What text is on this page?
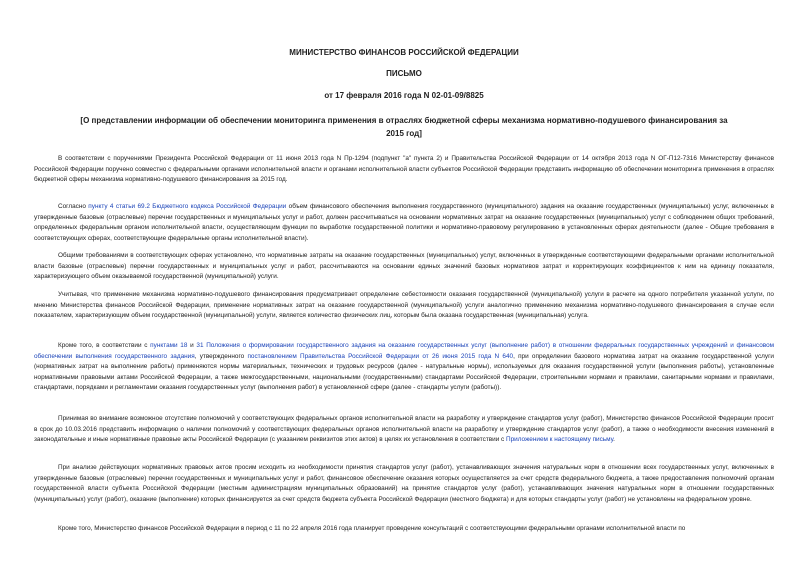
МИНИСТЕРСТВО ФИНАНСОВ РОССИЙСКОЙ ФЕДЕРАЦИИ
ПИСЬМО
от 17 февраля 2016 года N 02-01-09/8825
[О представлении информации об обеспечении мониторинга применения в отраслях бюджетной сферы механизма нормативно-подушевого финансирования за 2015 год]

В соответствии с поручениями Президента Российской Федерации от 11 июня 2013 года N Пр-1294 (подпункт "а" пункта 2) и Правительства Российской Федерации от 14 октября 2013 года N ОГ-П12-7316 Министерству финансов Российской Федерации поручено совместно с федеральными органами исполнительной власти и органами исполнительной власти субъектов Российской Федерации представить информацию об обеспечении мониторинга применения в отраслях бюджетной сферы механизма нормативно-подушевого финансирования за 2015 год.

Согласно пункту 4 статьи 69.2 Бюджетного кодекса Российской Федерации объем финансового обеспечения выполнения государственного (муниципального) задания на оказание государственных (муниципальных) услуг, включенных в утвержденные базовые (отраслевые) перечни государственных и муниципальных услуг и работ, должен рассчитываться на основании нормативных затрат на оказание государственных (муниципальных) услуг с соблюдением общих требований, определенных федеральным органом исполнительной власти, осуществляющим функции по выработке государственной политики и нормативно-правовому регулированию в установленных сферах деятельности (далее - Общие требования в соответствующих сферах, соответствующие федеральные органы исполнительной власти).

Общими требованиями в соответствующих сферах установлено, что нормативные затраты на оказание государственных (муниципальных) услуг, включенных в утвержденные соответствующими федеральными органами исполнительной власти базовые (отраслевые) перечни государственных и муниципальных услуг и работ, рассчитываются на основании единых значений базовых нормативов затрат и корректирующих коэффициентов к ним на единицу показателя, характеризующего объем оказываемой государственной (муниципальной) услуги.

Учитывая, что применение механизма нормативно-подушевого финансирования предусматривает определение себестоимости оказания государственной (муниципальной) услуги в расчете на одного потребителя указанной услуги, по мнению Министерства финансов Российской Федерации, применение нормативных затрат на оказание государственной (муниципальной) услуги аналогично применению механизма нормативно-подушевого финансирования в случае если показателем, характеризующим объем государственной (муниципальной) услуги, является количество физических лиц, которым была оказана государственная (муниципальная) услуга.

Кроме того, в соответствии с пунктами 18 и 31 Положения о формировании государственного задания на оказание государственных услуг (выполнение работ) в отношении федеральных государственных учреждений и финансовом обеспечении выполнения государственного задания, утвержденного постановлением Правительства Российской Федерации от 26 июня 2015 года N 640, при определении базового норматива затрат на оказание государственной услуги (нормативных затрат на выполнение работы) применяются нормы материальных, технических и трудовых ресурсов (далее - натуральные нормы), используемых для оказания государственной услуги (выполнения работы), установленные нормативными правовыми актами Российской Федерации, а также межгосударственными, национальными (государственными) стандартами Российской Федерации, строительными нормами и правилами, санитарными нормами и правилами, стандартами, порядками и регламентами оказания государственных услуг (выполнения работ) в установленной сфере (далее - стандарты услуги (работы)).

Принимая во внимание возможное отсутствие полномочий у соответствующих федеральных органов исполнительной власти на разработку и утверждение стандартов услуг (работ), Министерство финансов Российской Федерации просит в срок до 10.03.2016 представить информацию о наличии полномочий у соответствующих федеральных органов исполнительной власти на разработку и утверждение стандартов услуг (работ), а также о необходимости внесения изменений в законодательные и иные нормативные правовые акты Российской Федерации (с указанием реквизитов этих актов) в целях их установления в соответствии с Приложением к настоящему письму.

При анализе действующих нормативных правовых актов просим исходить из необходимости принятия стандартов услуг (работ), устанавливающих значения натуральных норм в отношении всех государственных услуг, включенных в утвержденные базовые (отраслевые) перечни государственных и муниципальных услуг и работ, финансовое обеспечение оказания которых осуществляется за счет средств федерального бюджета, а также предоставления полномочий органам государственной власти субъекта Российской Федерации (местным администрациям муниципальных образований) на принятие стандартов услуг (работ), устанавливающих значения натуральных норм в отношении государственных (муниципальных) услуг (работ), оказание (выполнение) которых финансируется за счет средств бюджета субъекта Российской Федерации (местного бюджета) и для которых стандарты услуг (работ) не установлены на федеральном уровне.

Кроме того, Министерство финансов Российской Федерации в период с 11 по 22 апреля 2016 года планирует проведение консультаций с соответствующими федеральными органами исполнительной власти по
